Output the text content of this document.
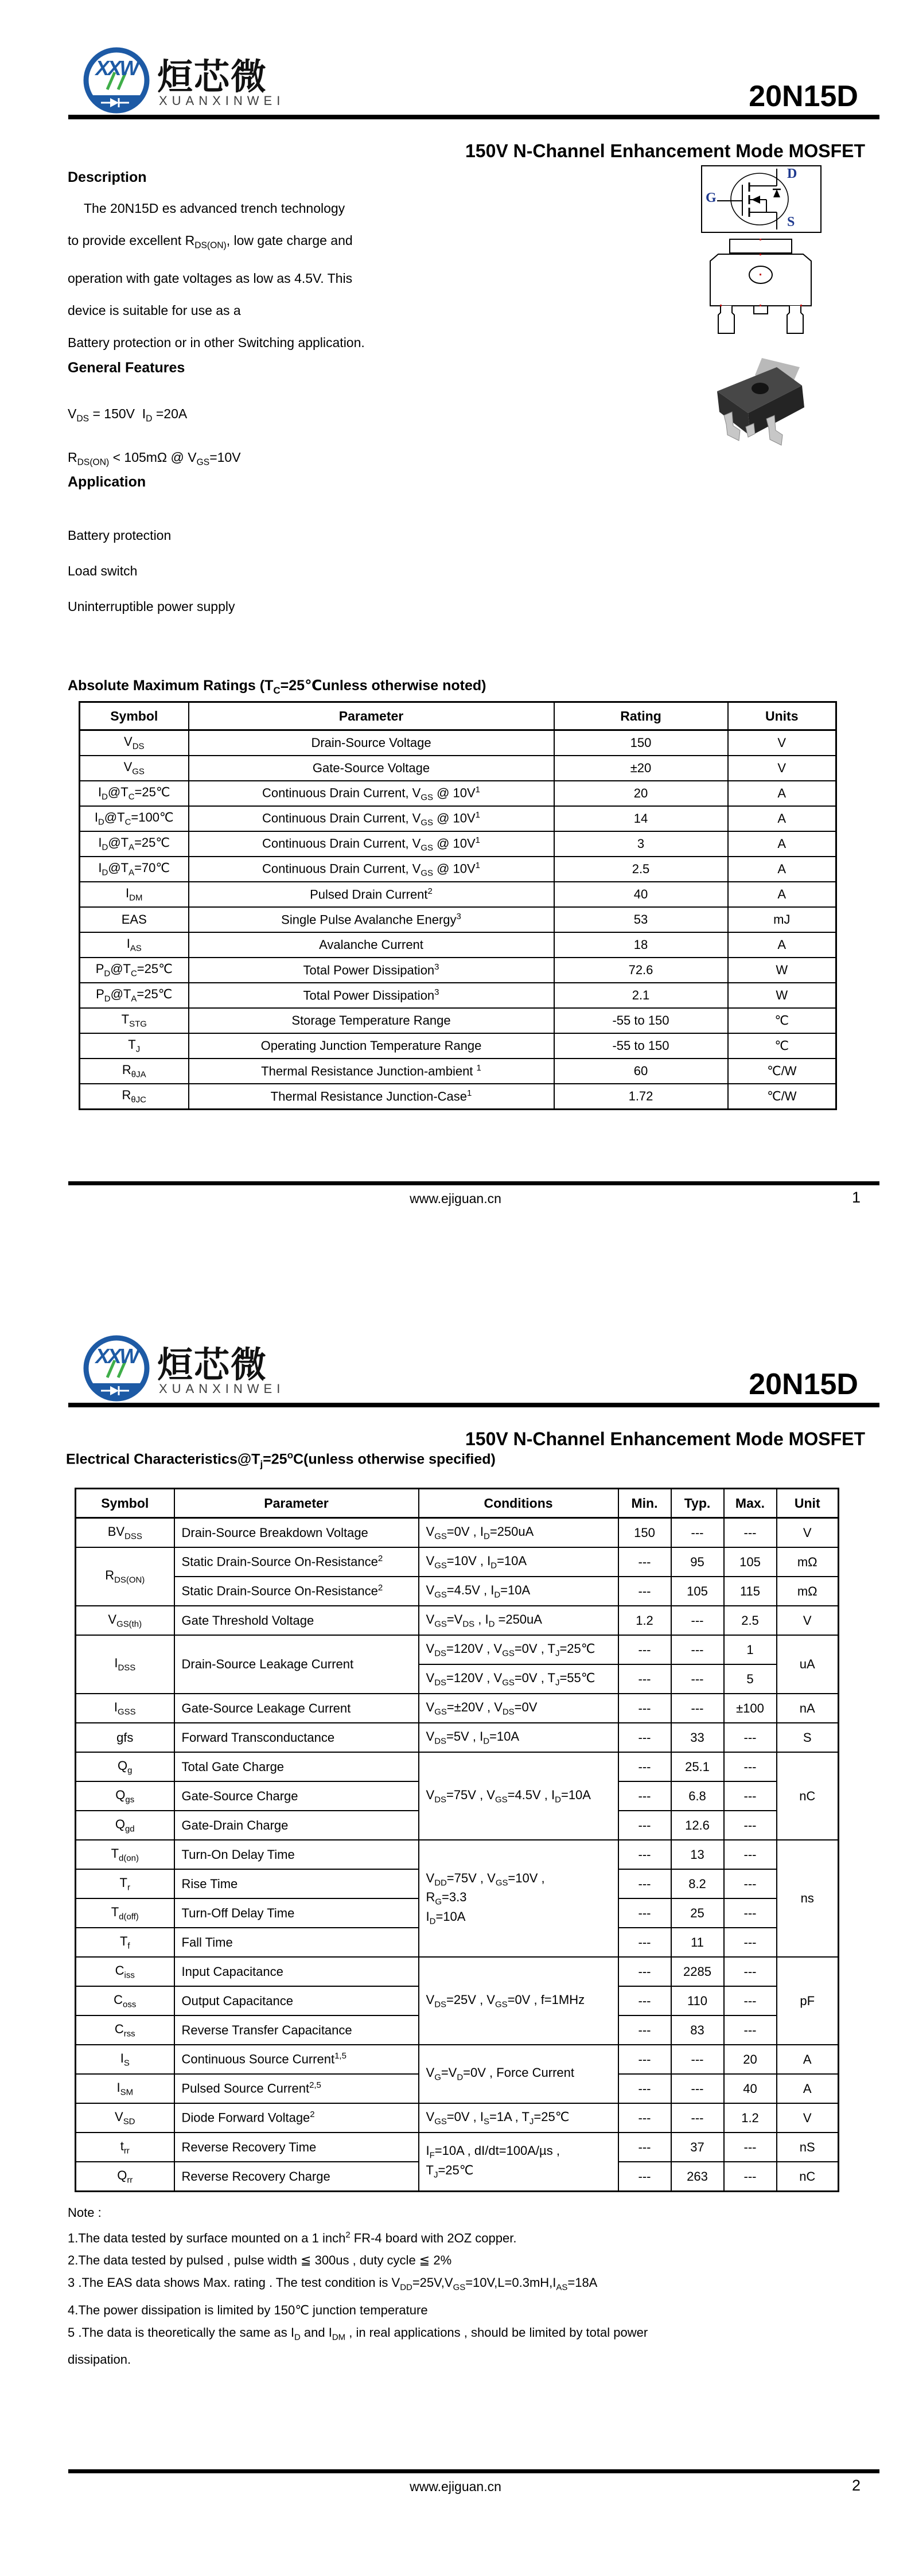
XXW 烜芯微
XUANXINWEI	20N15D
150V N-Channel Enhancement Mode MOSFET
Description
The 20N15D es advanced trench technology
to provide excellent $R_{DS(ON)}$, low gate charge and
operation with gate voltages as low as 4.5V. This
device is suitable for use as a
Battery protection or in other Switching application.
General Features
$V_{DS} = 150V$  $I_D =20A$
$R_{DS(ON)} < 105m\Omega$ @ $V_{GS}=10V$
Application
Battery protection
Load switch
Uninterruptible power supply
D
G
S
Absolute Maximum Ratings ($T_C=25℃unless$ otherwise noted)
Symbol	Parameter	Rating	Units
$V_{DS}$	Drain-Source Voltage	150	V
$V_{GS}$	Gate-Source Voltage	±20	V
$I_D@T_C=25℃$	Continuous Drain Current, $V_{GS}$ @ $10V^1$	20	A
$I_D@T_C=100℃$	Continuous Drain Current, $V_{GS}$ @ $10V^1$	14	A
$I_D@T_A=25℃$	Continuous Drain Current, $V_{GS}$ @ $10V^1$	3	A
$I_D@T_A=70℃$	Continuous Drain Current, $V_{GS}$ @ $10V^1$	2.5	A
$I_{DM}$	Pulsed Drain Current$^2$	40	A
EAS	Single Pulse Avalanche Energy$^3$	53	mJ
$I_{AS}$	Avalanche Current	18	A
$P_D@T_C=25℃$	Total Power Dissipation$^3$	72.6	W
$P_D@T_A=25℃$	Total Power Dissipation$^3$	2.1	W
$T_{STG}$	Storage Temperature Range	-55 to 150	℃
$T_J$	Operating Junction Temperature Range	-55 to 150	℃
$R_{\theta JA}$	Thermal Resistance Junction-ambient $^1$	60	℃/W
$R_{\theta JC}$	Thermal Resistance Junction-Case$^1$	1.72	℃/W
www.ejiguan.cn	1
XXW 烜芯微
XUANXINWEI	20N15D
150V N-Channel Enhancement Mode MOSFET
Electrical $Characteristics@T_j=25^oC(unless$ otherwise specified)
Symbol	Parameter	Conditions	Min.	Typ.	Max.	Unit
$BV_{DSS}$	Drain-Source Breakdown Voltage	$V_{GS}=0V$ , $I_D=250uA$	150	---	---	V
$R_{DS(ON)}$	Static Drain-Source On-Resistance$^2$	$V_{GS}=10V$ , $I_D=10A$	---	95	105	mΩ
	Static Drain-Source On-Resistance$^2$	$V_{GS}=4.5V$ , $I_D=10A$	---	105	115	mΩ
$V_{GS(th)}$	Gate Threshold Voltage	$V_{GS}=V_{DS}$ , $I_D =250uA$	1.2	---	2.5	V
$I_{DSS}$	Drain-Source Leakage Current	$V_{DS}=120V$ , $V_{GS}=0V$ , $T_J=25℃$	---	---	1	uA
		$V_{DS}=120V$ , $V_{GS}=0V$ , $T_J=55℃$	---	---	5	
$I_{GSS}$	Gate-Source Leakage Current	$V_{GS}=\pm 20V$ , $V_{DS}=0V$	---	---	±100	nA
gfs	Forward Transconductance	$V_{DS}=5V$ , $I_D=10A$	---	33	---	S
$Q_g$	Total Gate Charge	$V_{DS}=75V$ , $V_{GS}=4.5V$ , $I_D=10A$	---	25.1	---	nC
$Q_{gs}$	Gate-Source Charge		---	6.8	---	
$Q_{gd}$	Gate-Drain Charge		---	12.6	---	
$T_{d(on)}$	Turn-On Delay Time	$V_{DD}=75V$ , $V_{GS}=10V$ ,
$R_G=3.3$
$I_D=10A$	---	13	---	ns
$T_r$	Rise Time		---	8.2	---	
$T_{d(off)}$	Turn-Off Delay Time		---	25	---	
$T_f$	Fall Time		---	11	---	
$C_{iss}$	Input Capacitance	$V_{DS}=25V$ , $V_{GS}=0V$ , f=1MHz	---	2285	---	pF
$C_{oss}$	Output Capacitance		---	110	---	
$C_{rss}$	Reverse Transfer Capacitance		---	83	---	
$I_S$	Continuous Source Current$^{1,5}$	$V_G=V_D=0V$ , Force Current	---	---	20	A
$I_{SM}$	Pulsed Source Current$^{2,5}$		---	---	40	A
$V_{SD}$	Diode Forward Voltage$^2$	$V_{GS}=0V$ , $I_S=1A$ , $T_J=25℃$	---	---	1.2	V
$t_{rr}$	Reverse Recovery Time	$I_F=10A$ , dI/dt=100A/µs ,
$T_J=25℃$	---	37	---	nS
$Q_{rr}$	Reverse Recovery Charge		---	263	---	nC
Note :
1.The data tested by surface mounted on a 1 inch$^2$ FR-4 board with 2OZ copper.
2.The data tested by pulsed , pulse width ≦ 300us , duty cycle ≦ 2%
3 .The EAS data shows Max. rating . The test condition is $V_{DD}=25V,V_{GS}=10V,L=0.3mH,I_{AS}=18A$
4.The power dissipation is limited by 150℃ junction temperature
5 .The data is theoretically the same as $I_D$ and $I_{DM}$ , in real applications , should be limited by total power
dissipation.
www.ejiguan.cn	2
